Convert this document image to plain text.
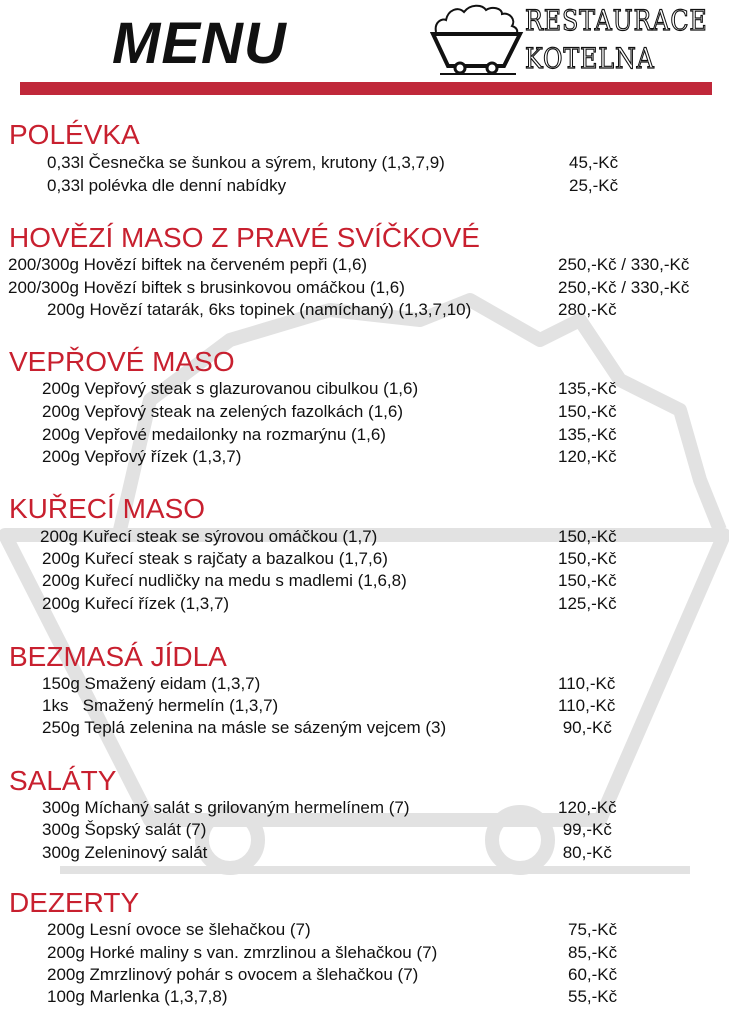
MENU	RESTAURACE
KOTELNA
POLÉVKA
0,33l Česnečka se šunkou a sýrem, krutony (1,3,7,9)	45,-Kč
0,33l polévka dle denní nabídky	25,-Kč
HOVĚZÍ MASO Z PRAVÉ SVÍČKOVÉ
200/300g Hovězí biftek na červeném pepři (1,6)	250,-Kč / 330,-Kč
200/300g Hovězí biftek s brusinkovou omáčkou (1,6)	250,-Kč / 330,-Kč
200g Hovězí tatarák, 6ks topinek (namíchaný) (1,3,7,10)	280,-Kč
VEPŘOVÉ MASO
200g Vepřový steak s glazurovanou cibulkou (1,6)	135,-Kč
200g Vepřový steak na zelených fazolkách (1,6)	150,-Kč
200g Vepřové medailonky na rozmarýnu (1,6)	135,-Kč
200g Vepřový řízek (1,3,7)	120,-Kč
KUŘECÍ MASO
200g Kuřecí steak se sýrovou omáčkou (1,7)	150,-Kč
200g Kuřecí steak s rajčaty a bazalkou (1,7,6)	150,-Kč
200g Kuřecí nudličky na medu s madlemi (1,6,8)	150,-Kč
200g Kuřecí řízek (1,3,7)	125,-Kč
BEZMASÁ JÍDLA
150g Smažený eidam (1,3,7)	110,-Kč
1ks   Smažený hermelín (1,3,7)	110,-Kč
250g Teplá zelenina na másle se sázeným vejcem (3)	90,-Kč
SALÁTY
300g Míchaný salát s grilovaným hermelínem (7)	120,-Kč
300g Šopský salát (7)	99,-Kč
300g Zeleninový salát	80,-Kč
DEZERTY
200g Lesní ovoce se šlehačkou (7)	75,-Kč
200g Horké maliny s van. zmrzlinou a šlehačkou (7)	85,-Kč
200g Zmrzlinový pohár s ovocem a šlehačkou (7)	60,-Kč
100g Marlenka (1,3,7,8)	55,-Kč
